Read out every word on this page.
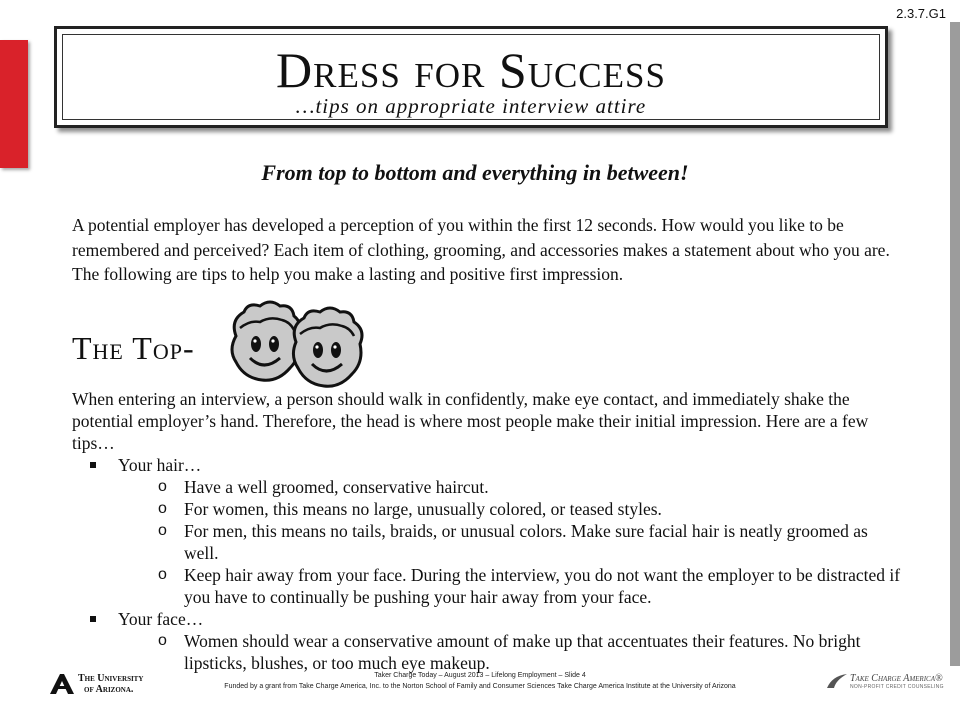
2.3.7.G1
Dress for Success
…tips on appropriate interview attire
From top to bottom and everything in between!
A potential employer has developed a perception of you within the first 12 seconds. How would you like to be remembered and perceived? Each item of clothing, grooming, and accessories makes a statement about who you are. The following are tips to help you make a lasting and positive first impression.
The Top-
When entering an interview, a person should walk in confidently, make eye contact, and immediately shake the potential employer’s hand. Therefore, the head is where most people make their initial impression. Here are a few tips…
Your hair…
o Have a well groomed, conservative haircut.
o For women, this means no large, unusually colored, or teased styles.
o For men, this means no tails, braids, or unusual colors. Make sure facial hair is neatly groomed as well.
o Keep hair away from your face. During the interview, you do not want the employer to be distracted if you have to continually be pushing your hair away from your face.
Your face…
o Women should wear a conservative amount of make up that accentuates their features. No bright lipsticks, blushes, or too much eye makeup.
The University
of Arizona.
Taker Charge Today – August 2013 – Lifelong Employment – Slide 4
Funded by a grant from Take Charge America, Inc. to the Norton School of Family and Consumer Sciences Take Charge America Institute at the University of Arizona
Take Charge America®
NON-PROFIT CREDIT COUNSELING
